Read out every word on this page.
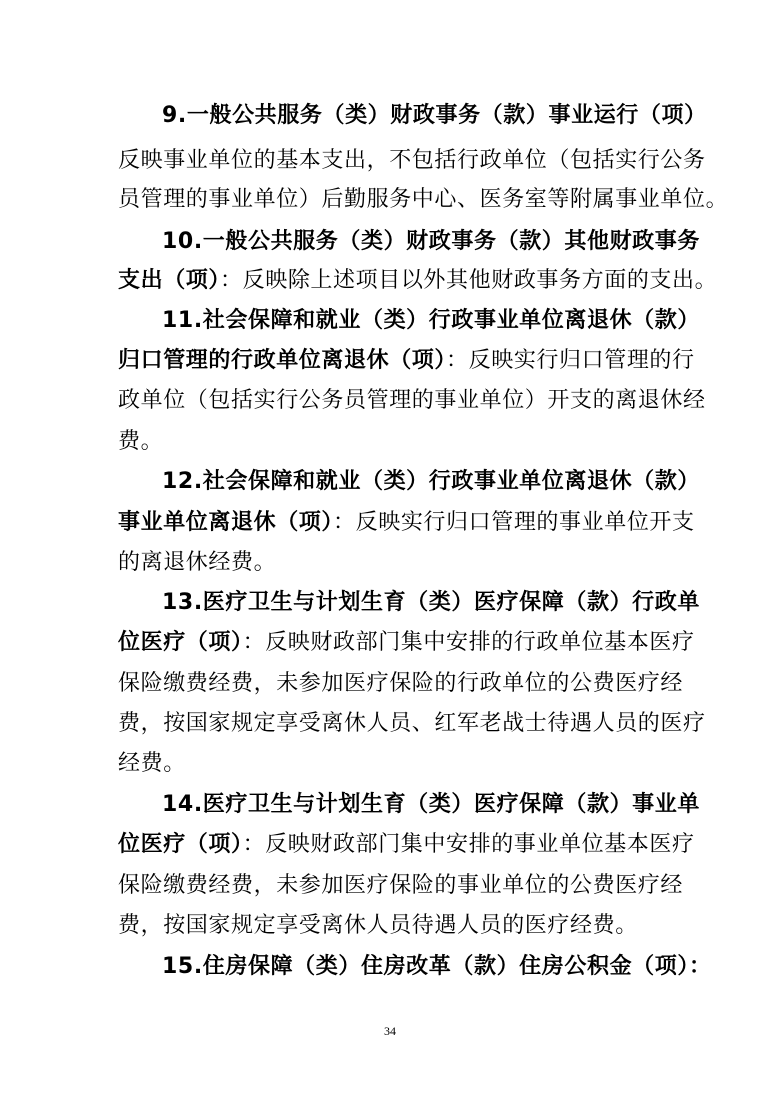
9.一般公共服务（类）财政事务（款）事业运行（项）
反映事业单位的基本支出，不包括行政单位（包括实行公务
员管理的事业单位）后勤服务中心、医务室等附属事业单位。
10.一般公共服务（类）财政事务（款）其他财政事务
支出（项）：反映除上述项目以外其他财政事务方面的支出。
11.社会保障和就业（类）行政事业单位离退休（款）
归口管理的行政单位离退休（项）：反映实行归口管理的行
政单位（包括实行公务员管理的事业单位）开支的离退休经
费。
12.社会保障和就业（类）行政事业单位离退休（款）
事业单位离退休（项）：反映实行归口管理的事业单位开支
的离退休经费。
13.医疗卫生与计划生育（类）医疗保障（款）行政单
位医疗（项）：反映财政部门集中安排的行政单位基本医疗
保险缴费经费，未参加医疗保险的行政单位的公费医疗经
费，按国家规定享受离休人员、红军老战士待遇人员的医疗
经费。
14.医疗卫生与计划生育（类）医疗保障（款）事业单
位医疗（项）：反映财政部门集中安排的事业单位基本医疗
保险缴费经费，未参加医疗保险的事业单位的公费医疗经
费，按国家规定享受离休人员待遇人员的医疗经费。
15.住房保障（类）住房改革（款）住房公积金（项）：
34
